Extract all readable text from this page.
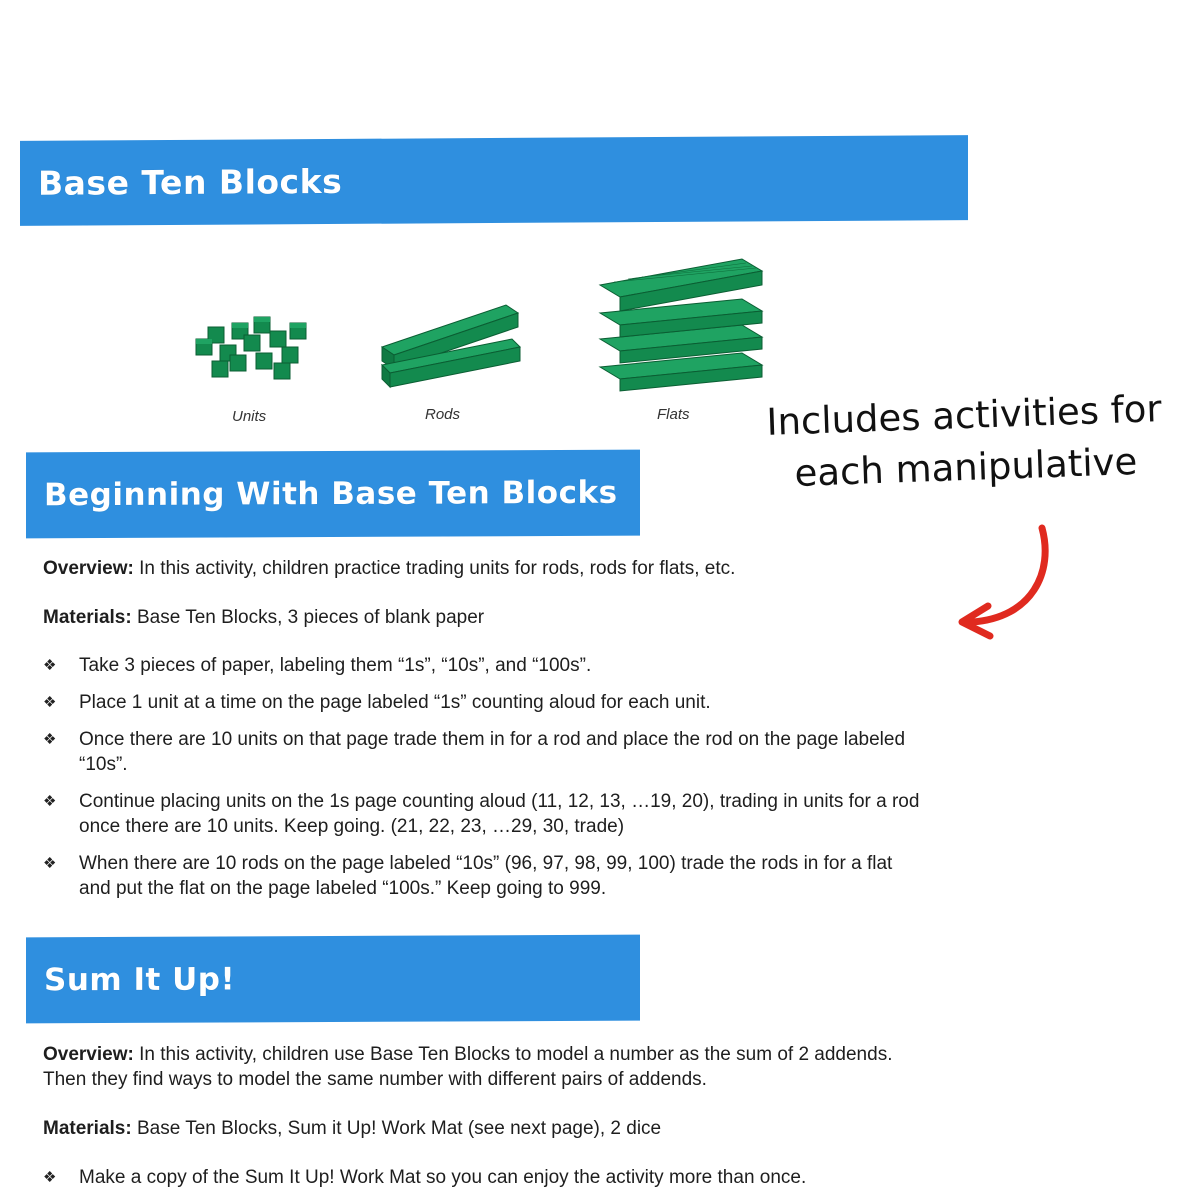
Base Ten Blocks
Units	Rods	Flats	Includes activities for
each manipulative
Beginning With Base Ten Blocks
Overview: In this activity, children practice trading units for rods, rods for flats, etc.
Materials: Base Ten Blocks, 3 pieces of blank paper
❖ Take 3 pieces of paper, labeling them “1s”, “10s”, and “100s”.
❖ Place 1 unit at a time on the page labeled “1s” counting aloud for each unit.
❖ Once there are 10 units on that page trade them in for a rod and place the rod on the page labeled “10s”.
❖ Continue placing units on the 1s page counting aloud (11, 12, 13, …19, 20), trading in units for a rod once there are 10 units. Keep going. (21, 22, 23, …29, 30, trade)
❖ When there are 10 rods on the page labeled “10s” (96, 97, 98, 99, 100) trade the rods in for a flat and put the flat on the page labeled “100s.” Keep going to 999.
Sum It Up!
Overview: In this activity, children use Base Ten Blocks to model a number as the sum of 2 addends. Then they find ways to model the same number with different pairs of addends.
Materials: Base Ten Blocks, Sum it Up! Work Mat (see next page), 2 dice
❖ Make a copy of the Sum It Up! Work Mat so you can enjoy the activity more than once.
